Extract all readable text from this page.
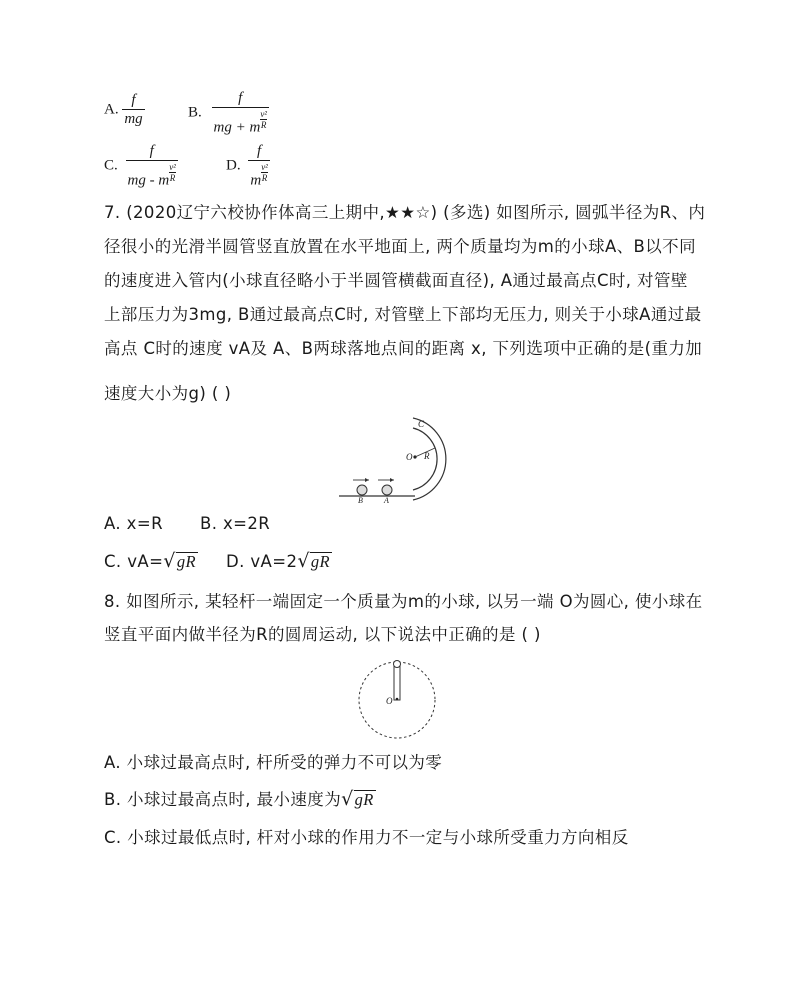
A. $\frac{f}{mg}$	B. $\frac{f}{mg + m \frac{\text{v²}}{R}}$
C. $\frac{f}{mg - m \frac{\text{v²}}{R}}$	D. $\frac{f}{m \frac{\text{v²}}{R}}$
7. (2020辽宁六校协作体高三上期中,★★☆) (多选) 如图所示, 圆弧半径为R、内
径很小的光滑半圆管竖直放置在水平地面上, 两个质量均为m的小球A、B以不同
的速度进入管内(小球直径略小于半圆管横截面直径), A通过最高点C时, 对管壁
上部压力为3mg, B通过最高点C时, 对管壁上下部均无压力, 则关于小球A通过最
高点 C时的速度 vA及 A、B两球落地点间的距离 x, 下列选项中正确的是(重力加
速度大小为g) ( )
C
O R
B	A
A. x=R B. x=2R
C. vA=√gR D. vA=2√gR
8. 如图所示, 某轻杆一端固定一个质量为m的小球, 以另一端 O为圆心, 使小球在
竖直平面内做半径为R的圆周运动, 以下说法中正确的是 ( )
O
A. 小球过最高点时, 杆所受的弹力不可以为零
B. 小球过最高点时, 最小速度为√gR
C. 小球过最低点时, 杆对小球的作用力不一定与小球所受重力方向相反
